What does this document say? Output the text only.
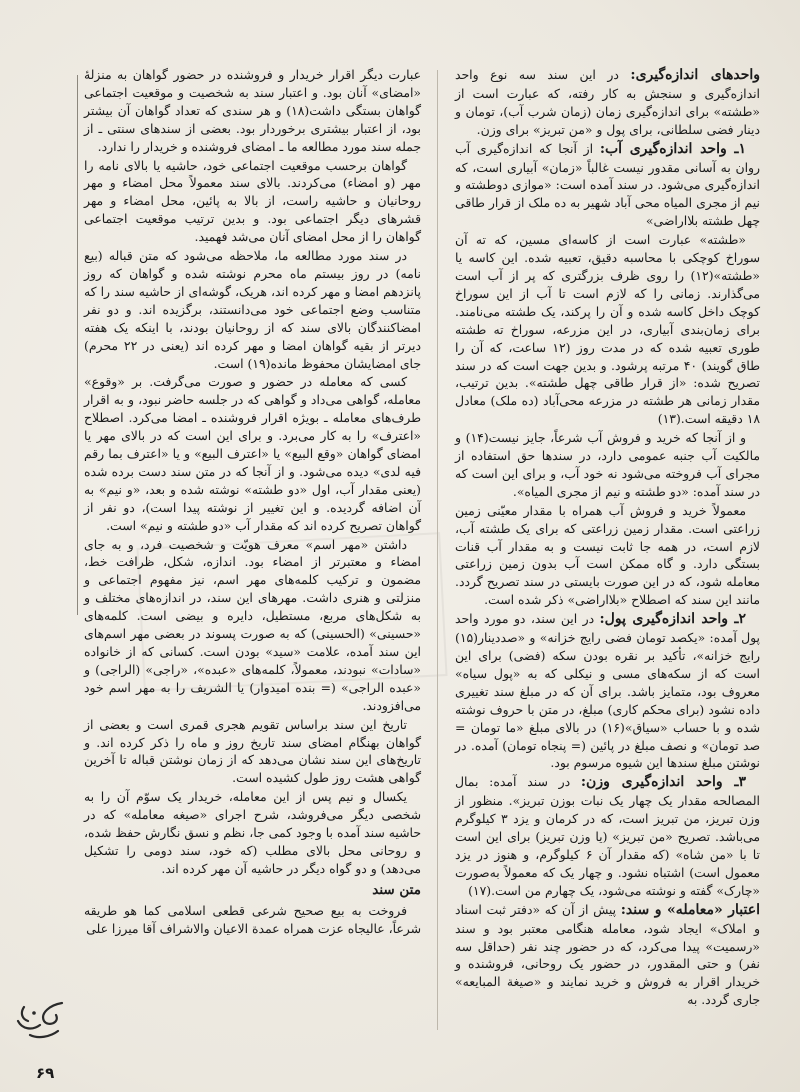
واحدهای اندازه‌گیری: در این سند سه نوع واحد اندازه‌گیری و سنجش به کار رفته، که عبارت است از «طشته» برای اندازه‌گیری زمان (زمان شرب آب)، تومان و دینار فضی سلطانی، برای پول و «من تبریز» برای وزن.

۱ـ واحد اندازه‌گیری آب: از آنجا که اندازه‌گیری آب روان به آسانی مقدور نیست غالباً «زمان» آبیاری است، که اندازه‌گیری می‌شود. در سند آمده است: «موازی دوطشته و نیم از مجری المیاه محی آباد شهیر به ده ملک از قرار طاقی چهل طشته بلااراضی»

«طشته» عبارت است از کاسه‌ای مسین، که ته آن سوراخ کوچکی با محاسبه دقیق، تعبیه شده. این کاسه یا «طشته»(۱۲) را روی ظرف بزرگتری که پر از آب است می‌گذارند. زمانی را که لازم است تا آب از این سوراخ کوچک داخل کاسه شده و آن را پرکند، یک طشته می‌نامند. برای زمان‌بندی آبیاری، در این مزرعه، سوراخ ته طشته طوری تعبیه شده که در مدت روز (۱۲ ساعت، که آن را طاق گویند) ۴۰ مرتبه پرشود. و بدین جهت است که در سند تصریح شده: «از قرار طاقی چهل طشته». بدین ترتیب، مقدار زمانی هر طشته در مزرعه محی‌آباد (ده ملک) معادل ۱۸ دقیقه است.(۱۳)

و از آنجا که خرید و فروش آب شرعاً، جایز نیست(۱۴) و مالکیت آب جنبه عمومی دارد، در سندها حق استفاده از مجرای آب فروخته می‌شود نه خود آب، و برای این است که در سند آمده: «دو طشته و نیم از مجری المیاه».

معمولاً خرید و فروش آب همراه با مقدار معیّنی زمین زراعتی است. مقدار زمین زراعتی که برای یک طشته آب، لازم است، در همه جا ثابت نیست و به مقدار آب قنات بستگی دارد. و گاه ممکن است آب بدون زمین زراعتی معامله شود، که در این صورت بایستی در سند تصریح گردد. مانند این سند که اصطلاح «بلااراضی» ذکر شده است.

۲ـ واحد اندازه‌گیری پول: در این سند، دو مورد واحد پول آمده: «یکصد تومان فضی رایج خزانه» و «صددینار(۱۵) رایج خزانه»، تأکید بر نقره بودن سکه (فضی) برای این است که از سکه‌های مسی و نیکلی که به «پول سیاه» معروف بود، متمایز باشد. برای آن که در مبلغ سند تغییری داده نشود (برای محکم کاری) مبلغ، در متن با حروف نوشته شده و با حساب «سیاق»(۱۶) در بالای مبلغ «ما تومان = صد تومان» و نصف مبلغ در پائین (= پنجاه تومان) آمده. در نوشتن مبلغ سندها این شیوه مرسوم بود.

۳ـ واحد اندازه‌گیری وزن: در سند آمده: بمال المصالحه مقدار یک چهار یک نبات بوزن تبریز». منظور از وزن تبریز، من تبریز است، که در کرمان و یزد ۳ کیلوگرم می‌باشد. تصریح «من تبریز» (یا وزن تبریز) برای این است تا با «من شاه» (که مقدار آن ۶ کیلوگرم، و هنوز در یزد معمول است) اشتباه نشود. و چهار یک که معمولاً به‌صورت «چارک» گفته و نوشته می‌شود، یک چهارم من است.(۱۷)

اعتبار «معامله» و سند: پیش از آن که «دفتر ثبت اسناد و املاک» ایجاد شود، معامله هنگامی معتبر بود و سند «رسمیت» پیدا می‌کرد، که در حضور چند نفر (حداقل سه نفر) و حتی المقدور، در حضور یک روحانی، فروشنده و خریدار اقرار به فروش و خرید نمایند و «صیغة المبایعه» جاری گردد. به

عبارت دیگر اقرار خریدار و فروشنده در حضور گواهان به منزلهٔ «امضای» آنان بود. و اعتبار سند به شخصیت و موقعیت اجتماعی گواهان بستگی داشت(۱۸) و هر سندی که تعداد گواهان آن بیشتر بود، از اعتبار بیشتری برخوردار بود. بعضی از سندهای سنتی ـ از جمله سند مورد مطالعه ما ـ امضای فروشنده و خریدار را ندارد.

گواهان برحسب موقعیت اجتماعی خود، حاشیه یا بالای نامه را مهر (و امضاء) می‌کردند. بالای سند معمولاً محل امضاء و مهر روحانیان و حاشیه راست، از بالا به پائین، محل امضاء و مهر قشرهای دیگر اجتماعی بود. و بدین ترتیب موقعیت اجتماعی گواهان را از محل امضای آنان می‌شد فهمید.

در سند مورد مطالعه ما، ملاحظه می‌شود که متن قباله (بیع نامه) در روز بیستم ماه محرم نوشته شده و گواهان که روز پانزدهم امضا و مهر کرده اند، هریک، گوشه‌ای از حاشیه سند را که متناسب وضع اجتماعی خود می‌دانستند، برگزیده اند. و دو نفر امضاکنندگان بالای سند که از روحانیان بودند، با اینکه یک هفته دیرتر از بقیه گواهان امضا و مهر کرده اند (یعنی در ۲۲ محرم) جای امضایشان محفوظ مانده(۱۹) است.

کسی که معامله در حضور و صورت می‌گرفت. بر «وقوع» معامله، گواهی می‌داد و گواهی که در جلسه حاضر نبود، و به اقرار طرف‌های معامله ـ بویژه اقرار فروشنده ـ امضا می‌کرد. اصطلاح «اعترف» را به کار می‌برد. و برای این است که در بالای مهر یا امضای گواهان «وقع البیع» یا «اعترف البیع» و یا «اعترف بما رقم فیه لدی» دیده می‌شود. و از آنجا که در متن سند دست برده شده (یعنی مقدار آب، اول «دو طشته» نوشته شده و بعد، «و نیم» به آن اضافه گردیده. و این تغییر از نوشته پیدا است)، دو نفر از گواهان تصریح کرده اند که مقدار آب «دو طشته و نیم» است.

داشتن «مهر اسم» معرف هویّت و شخصیت فرد، و به جای امضاء و معتبرتر از امضاء بود. اندازه، شکل، ظرافت خط، مضمون و ترکیب کلمه‌های مهر اسم، نیز مفهوم اجتماعی و منزلتی و هنری داشت. مهرهای این سند، در اندازه‌های مختلف و به شکل‌های مربع، مستطیل، دایره و بیضی است. کلمه‌های «حسینی» (الحسینی) که به صورت پسوند در بعضی مهر اسم‌های این سند آمده، علامت «سید» بودن است. کسانی که از خانواده «سادات» نبودند، معمولاً، کلمه‌های «عبده»، «راجی» (الراجی) و «عبده الراجی» (= بنده امیدوار) یا الشریف را به مهر اسم خود می‌افزودند.

تاریخ این سند براساس تقویم هجری قمری است و بعضی از گواهان بهنگام امضای سند تاریخ روز و ماه را ذکر کرده اند. و تاریخ‌های این سند نشان می‌دهد که از زمان نوشتن قباله تا آخرین گواهی هشت روز طول کشیده است.

یکسال و نیم پس از این معامله، خریدار یک سوّم آن را به شخصی دیگر می‌فروشد، شرح اجرای «صیغه معامله» که در حاشیه سند آمده با وجود کمی جا، نظم و نسق نگارش حفظ شده، و روحانی محل بالای مطلب (که خود، سند دومی را تشکیل می‌دهد) و دو گواه دیگر در حاشیه آن مهر کرده اند.

متن سند

فروخت به بیع صحیح شرعی قطعی اسلامی کما هو طریقه شرعاً، عالیجاه عزت همراه عمدة الاعیان والاشراف آقا میرزا علی

۶۹
